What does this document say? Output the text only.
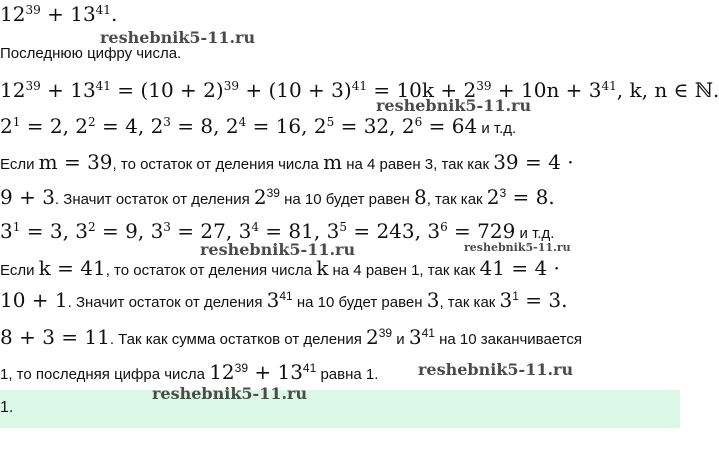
$12^{39} + 13^{41}$.
Последнюю цифру числа.
$12^{39} + 13^{41} = (10 + 2)^{39} + (10 + 3)^{41} = 10k + 2^{39} + 10n + 3^{41}$, k, n ∈ ℕ.
$2^1 = 2$, $2^2 = 4$, $2^3 = 8$, $2^4 = 16$, $2^5 = 32$, $2^6 = 64$ и т.д.
Если m = 39, то остаток от деления числа m на 4 равен 3, так как 39 = 4 ·
9 + 3. Значит остаток от деления $2^{39}$ на 10 будет равен 8, так как $2^3 = 8$.
$3^1 = 3$, $3^2 = 9$, $3^3 = 27$, $3^4 = 81$, $3^5 = 243$, $3^6 = 729$ и т.д.
Если k = 41, то остаток от деления числа k на 4 равен 1, так как 41 = 4 ·
10 + 1. Значит остаток от деления $3^{41}$ на 10 будет равен 3, так как $3^1 = 3$.
8 + 3 = 11. Так как сумма остатков от деления $2^{39}$ и $3^{41}$ на 10 заканчивается
1, то последняя цифра числа $12^{39} + 13^{41}$ равна 1.
1.
reshebnik5-11.ru
reshebnik5-11.ru
reshebnik5-11.ru	reshebnik5-11.ru
reshebnik5-11.ru
reshebnik5-11.ru
